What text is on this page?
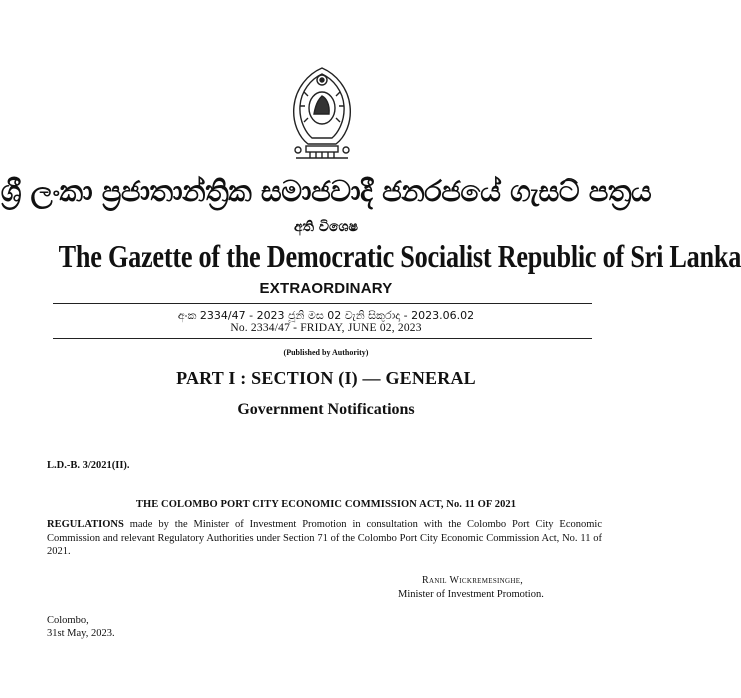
ශ්‍රී ලංකා ප්‍රජාතාන්ත්‍රික සමාජවාදී ජනරජයේ ගැසට් පත්‍රය
අති විශෙෂ
The Gazette of the Democratic Socialist Republic of Sri Lanka
EXTRAORDINARY
අංක 2334/47 - 2023 ජූනි මස 02 වැනි සිකුරාදා - 2023.06.02
No. 2334/47 - FRIDAY, JUNE 02, 2023
(Published by Authority)
PART I : SECTION (I) — GENERAL
Government Notifications
L.D.-B. 3/2021(II).
THE COLOMBO PORT CITY ECONOMIC COMMISSION ACT, No. 11 OF 2021
REGULATIONS made by the Minister of Investment Promotion in consultation with the Colombo Port City Economic Commission and relevant Regulatory Authorities under Section 71 of the Colombo Port City Economic Commission Act, No. 11 of 2021.
Ranil Wickremesinghe,
Minister of Investment Promotion.
Colombo,
31st May, 2023.
